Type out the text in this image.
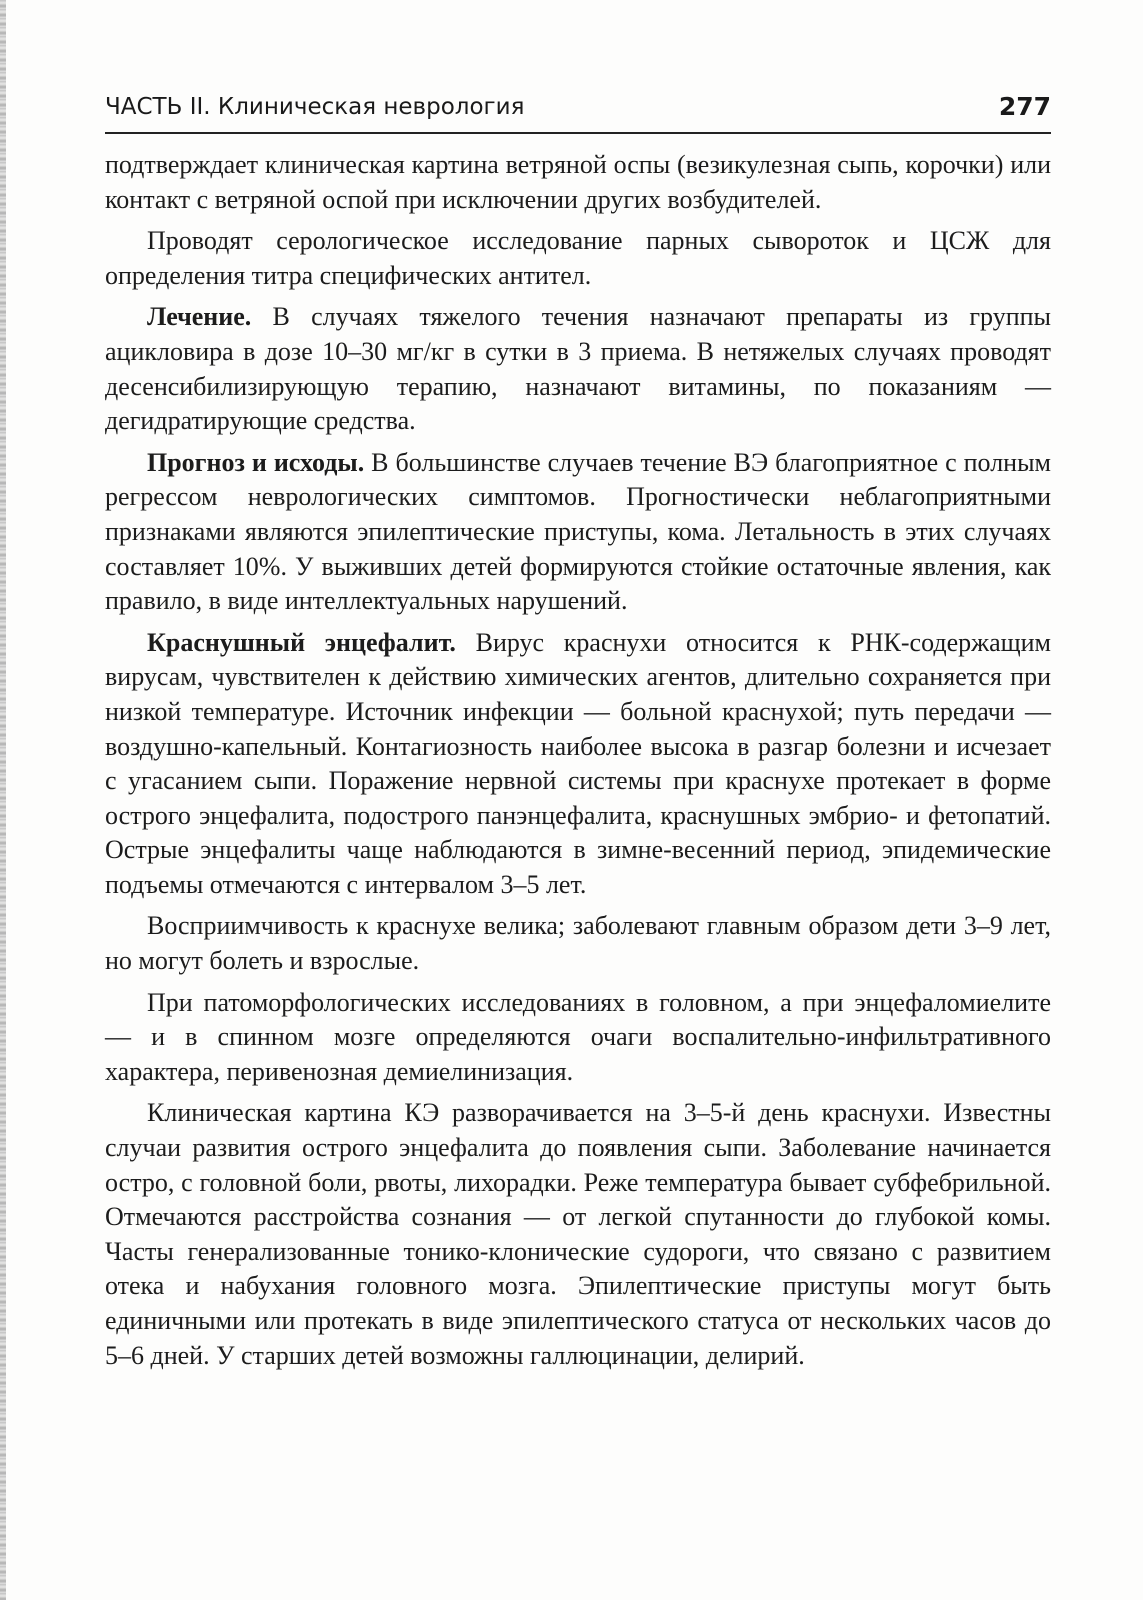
ЧАСТЬ II. Клиническая неврология	277

подтверждает клиническая картина ветряной оспы (везикулезная сыпь, корочки) или контакт с ветряной оспой при исключении других возбудителей.

Проводят серологическое исследование парных сывороток и ЦСЖ для определения титра специфических антител.

Лечение. В случаях тяжелого течения назначают препараты из группы ацикловира в дозе 10–30 мг/кг в сутки в 3 приема. В нетяжелых случаях проводят десенсибилизирующую терапию, назначают витамины, по показаниям — дегидратирующие средства.

Прогноз и исходы. В большинстве случаев течение ВЭ благоприятное с полным регрессом неврологических симптомов. Прогностически неблагоприятными признаками являются эпилептические приступы, кома. Летальность в этих случаях составляет 10%. У выживших детей формируются стойкие остаточные явления, как правило, в виде интеллектуальных нарушений.

Краснушный энцефалит. Вирус краснухи относится к РНК-содержащим вирусам, чувствителен к действию химических агентов, длительно сохраняется при низкой температуре. Источник инфекции — больной краснухой; путь передачи — воздушно-капельный. Контагиозность наиболее высока в разгар болезни и исчезает с угасанием сыпи. Поражение нервной системы при краснухе протекает в форме острого энцефалита, подострого панэнцефалита, краснушных эмбрио- и фетопатий. Острые энцефалиты чаще наблюдаются в зимне-весенний период, эпидемические подъемы отмечаются с интервалом 3–5 лет.

Восприимчивость к краснухе велика; заболевают главным образом дети 3–9 лет, но могут болеть и взрослые.

При патоморфологических исследованиях в головном, а при энцефаломиелите — и в спинном мозге определяются очаги воспалительно-инфильтративного характера, перивенозная демиелинизация.

Клиническая картина КЭ разворачивается на 3–5-й день краснухи. Известны случаи развития острого энцефалита до появления сыпи. Заболевание начинается остро, с головной боли, рвоты, лихорадки. Реже температура бывает субфебрильной. Отмечаются расстройства сознания — от легкой спутанности до глубокой комы. Часты генерализованные тонико-клонические судороги, что связано с развитием отека и набухания головного мозга. Эпилептические приступы могут быть единичными или протекать в виде эпилептического статуса от нескольких часов до 5–6 дней. У старших детей возможны галлюцинации, делирий.
